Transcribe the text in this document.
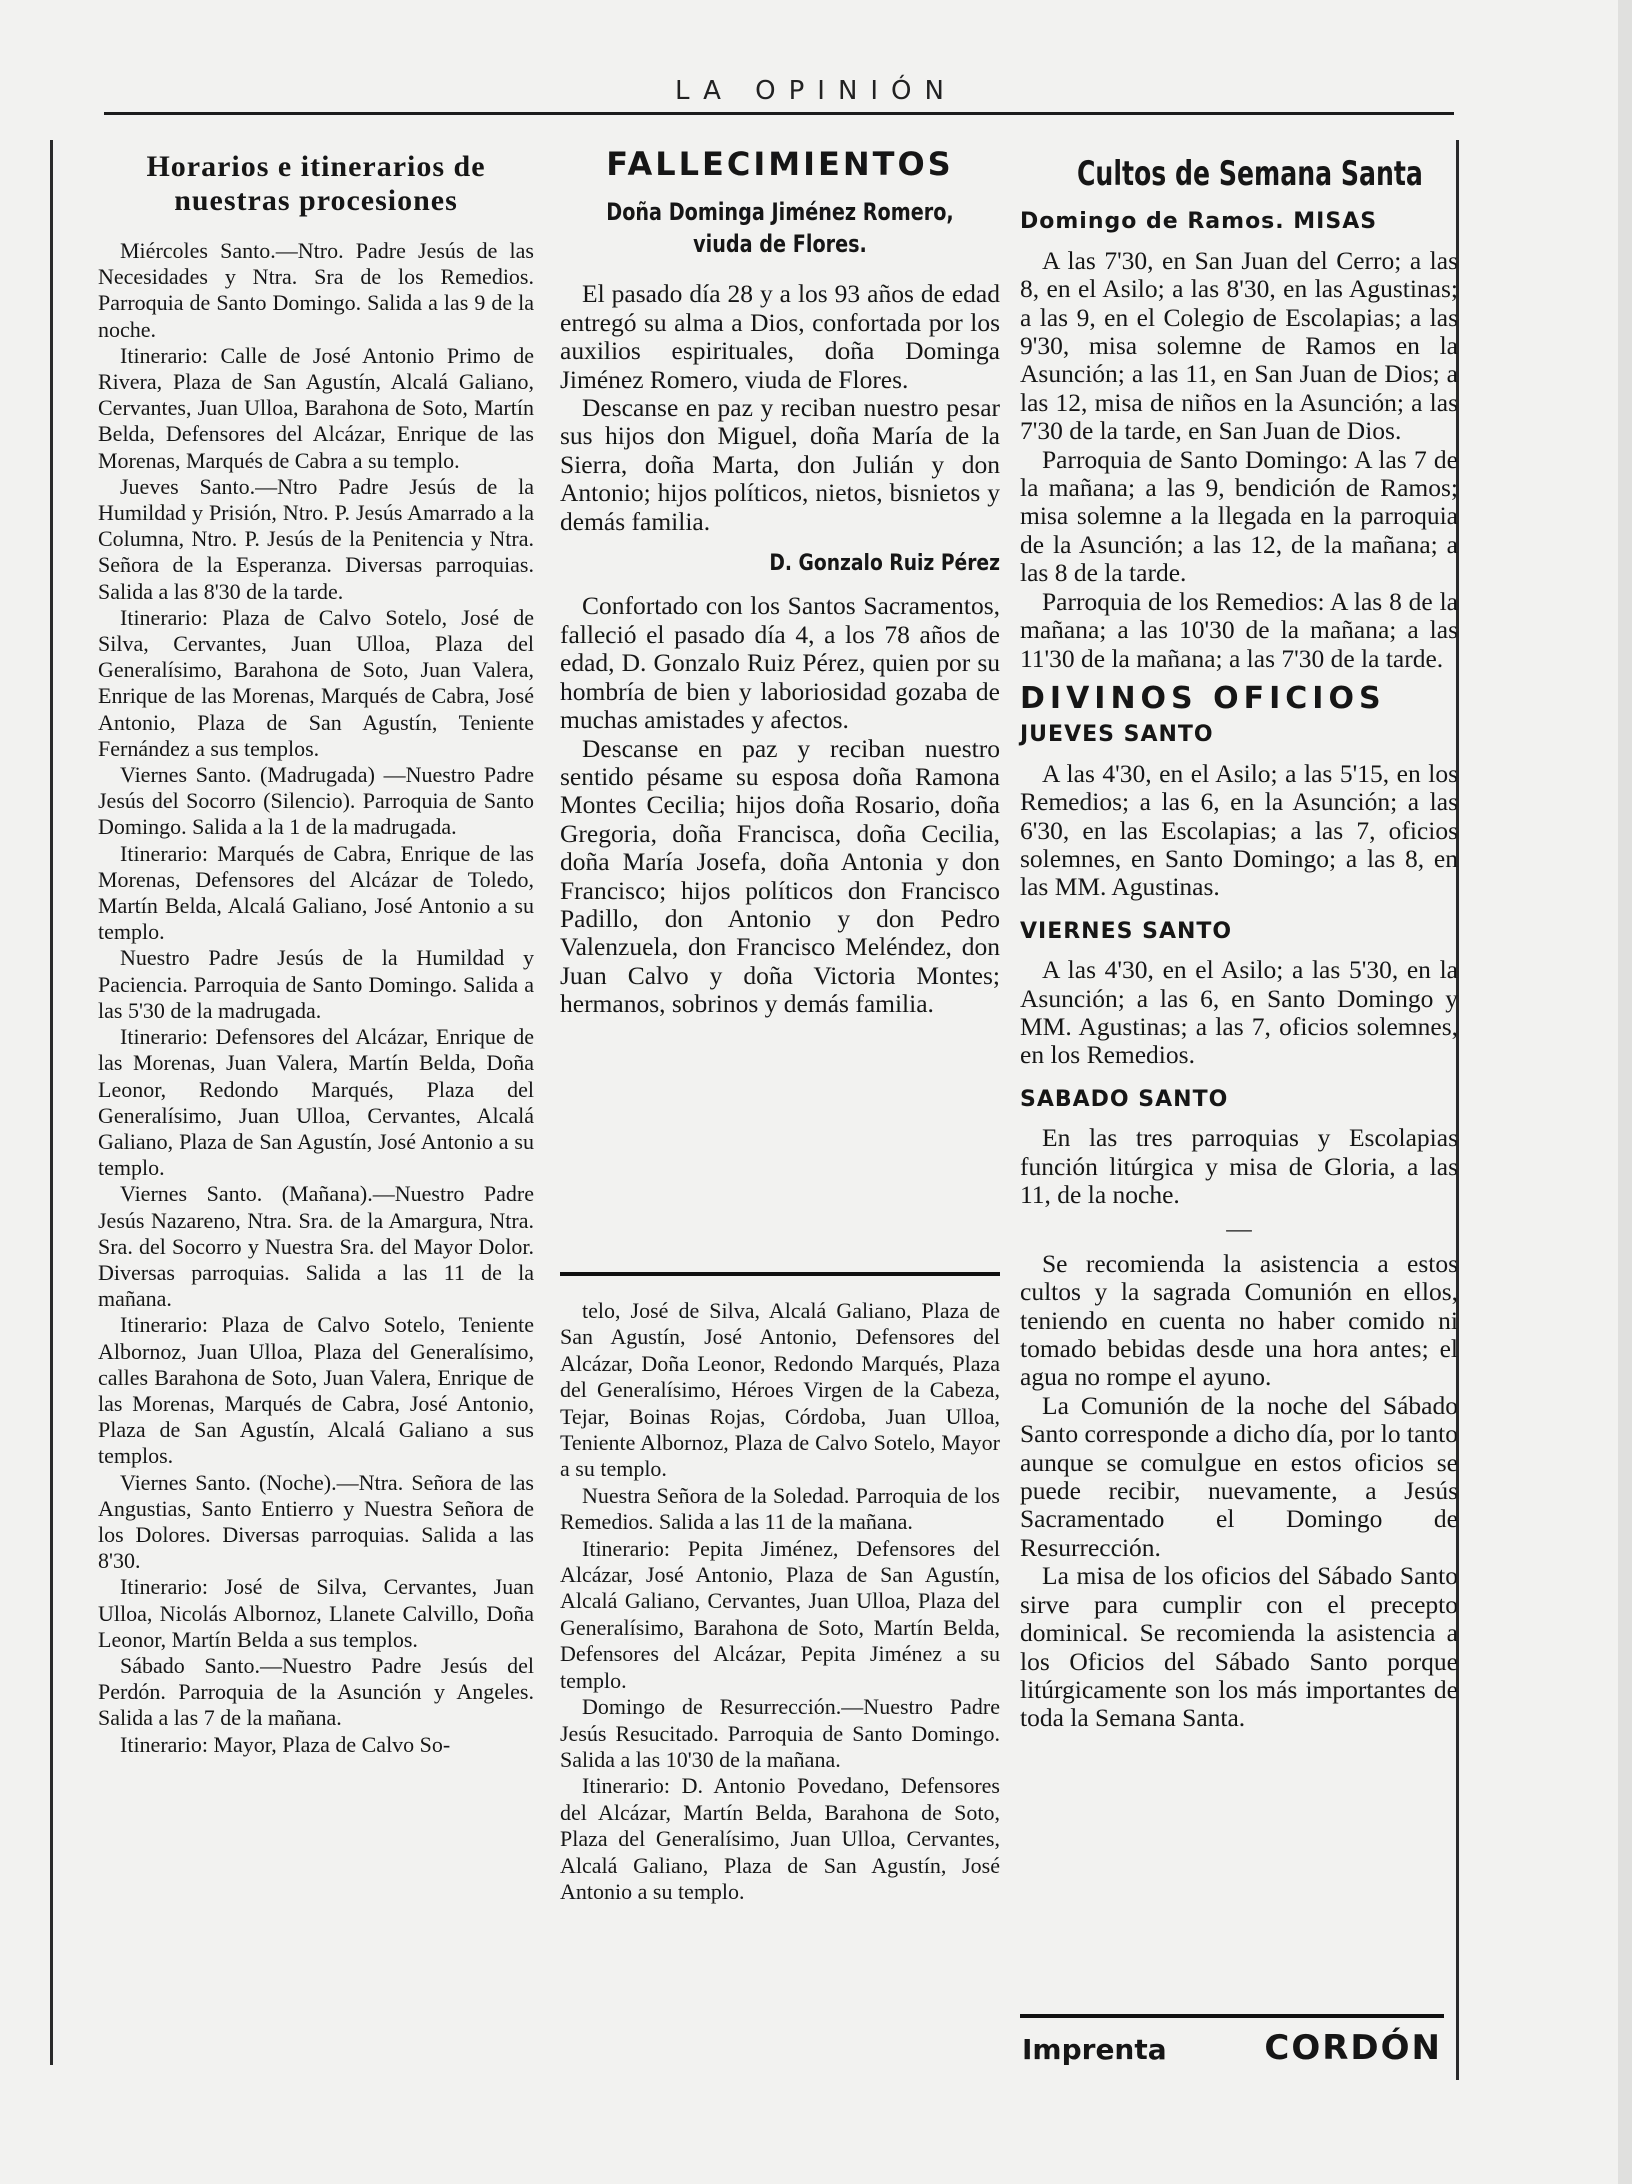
LA OPINIÓN
Horarios e itinerarios de nuestras procesiones

Miércoles Santo.—Ntro. Padre Jesús de las Necesidades y Ntra. Sra de los Remedios. Parroquia de Santo Domingo. Salida a las 9 de la noche.

Itinerario: Calle de José Antonio Primo de Rivera, Plaza de San Agustín, Alcalá Galiano, Cervantes, Juan Ulloa, Barahona de Soto, Martín Belda, Defensores del Alcázar, Enrique de las Morenas, Marqués de Cabra a su templo.

Jueves Santo.—Ntro Padre Jesús de la Humildad y Prisión, Ntro. P. Jesús Amarrado a la Columna, Ntro. P. Jesús de la Penitencia y Ntra. Señora de la Esperanza. Diversas parroquias. Salida a las 8'30 de la tarde.

Itinerario: Plaza de Calvo Sotelo, José de Silva, Cervantes, Juan Ulloa, Plaza del Generalísimo, Barahona de Soto, Juan Valera, Enrique de las Morenas, Marqués de Cabra, José Antonio, Plaza de San Agustín, Teniente Fernández a sus templos.

Viernes Santo. (Madrugada) —Nuestro Padre Jesús del Socorro (Silencio). Parroquia de Santo Domingo. Salida a la 1 de la madrugada.

Itinerario: Marqués de Cabra, Enrique de las Morenas, Defensores del Alcázar de Toledo, Martín Belda, Alcalá Galiano, José Antonio a su templo.

Nuestro Padre Jesús de la Humildad y Paciencia. Parroquia de Santo Domingo. Salida a las 5'30 de la madrugada.

Itinerario: Defensores del Alcázar, Enrique de las Morenas, Juan Valera, Martín Belda, Doña Leonor, Redondo Marqués, Plaza del Generalísimo, Juan Ulloa, Cervantes, Alcalá Galiano, Plaza de San Agustín, José Antonio a su templo.

Viernes Santo. (Mañana).—Nuestro Padre Jesús Nazareno, Ntra. Sra. de la Amargura, Ntra. Sra. del Socorro y Nuestra Sra. del Mayor Dolor. Diversas parroquias. Salida a las 11 de la mañana.

Itinerario: Plaza de Calvo Sotelo, Teniente Albornoz, Juan Ulloa, Plaza del Generalísimo, calles Barahona de Soto, Juan Valera, Enrique de las Morenas, Marqués de Cabra, José Antonio, Plaza de San Agustín, Alcalá Galiano a sus templos.

Viernes Santo. (Noche).—Ntra. Señora de las Angustias, Santo Entierro y Nuestra Señora de los Dolores. Diversas parroquias. Salida a las 8'30.

Itinerario: José de Silva, Cervantes, Juan Ulloa, Nicolás Albornoz, Llanete Calvillo, Doña Leonor, Martín Belda a sus templos.

Sábado Santo.—Nuestro Padre Jesús del Perdón. Parroquia de la Asunción y Angeles. Salida a las 7 de la mañana.

Itinerario: Mayor, Plaza de Calvo So-

FALLECIMIENTOS
Doña Dominga Jiménez Romero, viuda de Flores.

El pasado día 28 y a los 93 años de edad entregó su alma a Dios, confortada por los auxilios espirituales, doña Dominga Jiménez Romero, viuda de Flores.

Descanse en paz y reciban nuestro pesar sus hijos don Miguel, doña María de la Sierra, doña Marta, don Julián y don Antonio; hijos políticos, nietos, bisnietos y demás familia.

D. Gonzalo Ruiz Pérez

Confortado con los Santos Sacramentos, falleció el pasado día 4, a los 78 años de edad, D. Gonzalo Ruiz Pérez, quien por su hombría de bien y laboriosidad gozaba de muchas amistades y afectos.

Descanse en paz y reciban nuestro sentido pésame su esposa doña Ramona Montes Cecilia; hijos doña Rosario, doña Gregoria, doña Francisca, doña Cecilia, doña María Josefa, doña Antonia y don Francisco; hijos políticos don Francisco Padillo, don Antonio y don Pedro Valenzuela, don Francisco Meléndez, don Juan Calvo y doña Victoria Montes; hermanos, sobrinos y demás familia.

telo, José de Silva, Alcalá Galiano, Plaza de San Agustín, José Antonio, Defensores del Alcázar, Doña Leonor, Redondo Marqués, Plaza del Generalísimo, Héroes Virgen de la Cabeza, Tejar, Boinas Rojas, Córdoba, Juan Ulloa, Teniente Albornoz, Plaza de Calvo Sotelo, Mayor a su templo.

Nuestra Señora de la Soledad. Parroquia de los Remedios. Salida a las 11 de la mañana.

Itinerario: Pepita Jiménez, Defensores del Alcázar, José Antonio, Plaza de San Agustín, Alcalá Galiano, Cervantes, Juan Ulloa, Plaza del Generalísimo, Barahona de Soto, Martín Belda, Defensores del Alcázar, Pepita Jiménez a su templo.

Domingo de Resurrección.—Nuestro Padre Jesús Resucitado. Parroquia de Santo Domingo. Salida a las 10'30 de la mañana.

Itinerario: D. Antonio Povedano, Defensores del Alcázar, Martín Belda, Barahona de Soto, Plaza del Generalísimo, Juan Ulloa, Cervantes, Alcalá Galiano, Plaza de San Agustín, José Antonio a su templo.

Cultos de Semana Santa
Domingo de Ramos. MISAS

A las 7'30, en San Juan del Cerro; a las 8, en el Asilo; a las 8'30, en las Agustinas; a las 9, en el Colegio de Escolapias; a las 9'30, misa solemne de Ramos en la Asunción; a las 11, en San Juan de Dios; a las 12, misa de niños en la Asunción; a las 7'30 de la tarde, en San Juan de Dios.

Parroquia de Santo Domingo: A las 7 de la mañana; a las 9, bendición de Ramos; misa solemne a la llegada en la parroquia de la Asunción; a las 12, de la mañana; a las 8 de la tarde.

Parroquia de los Remedios: A las 8 de la mañana; a las 10'30 de la mañana; a las 11'30 de la mañana; a las 7'30 de la tarde.

DIVINOS OFICIOS
JUEVES SANTO

A las 4'30, en el Asilo; a las 5'15, en los Remedios; a las 6, en la Asunción; a las 6'30, en las Escolapias; a las 7, oficios solemnes, en Santo Domingo; a las 8, en las MM. Agustinas.

VIERNES SANTO

A las 4'30, en el Asilo; a las 5'30, en la Asunción; a las 6, en Santo Domingo y MM. Agustinas; a las 7, oficios solemnes, en los Remedios.

SABADO SANTO

En las tres parroquias y Escolapias función litúrgica y misa de Gloria, a las 11, de la noche.

—

Se recomienda la asistencia a estos cultos y la sagrada Comunión en ellos, teniendo en cuenta no haber comido ni tomado bebidas desde una hora antes; el agua no rompe el ayuno.

La Comunión de la noche del Sábado Santo corresponde a dicho día, por lo tanto aunque se comulgue en estos oficios se puede recibir, nuevamente, a Jesús Sacramentado el Domingo de Resurrección.

La misa de los oficios del Sábado Santo sirve para cumplir con el precepto dominical. Se recomienda la asistencia a los Oficios del Sábado Santo porque litúrgicamente son los más importantes de toda la Semana Santa.

Imprenta	CORDÓN
